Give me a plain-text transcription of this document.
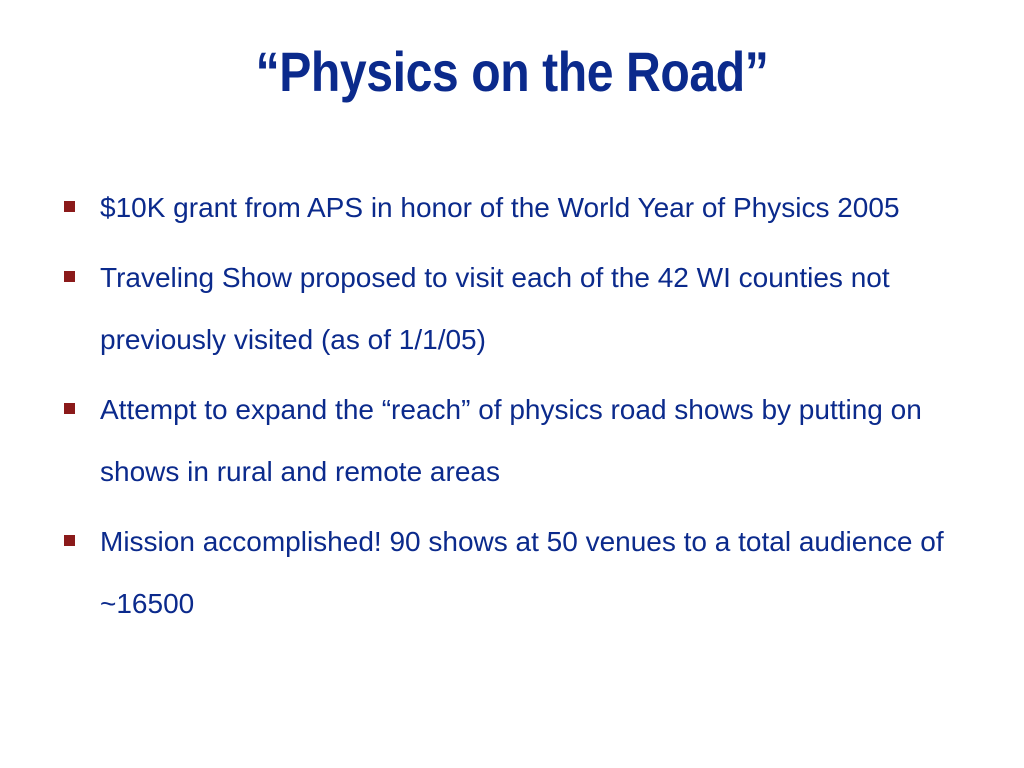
“Physics on the Road”
$10K grant from APS in honor of the World Year of Physics 2005
Traveling Show proposed to visit each of the 42 WI counties not previously visited (as of 1/1/05)
Attempt to expand the “reach” of physics road shows by putting on shows in rural and remote areas
Mission accomplished! 90 shows at 50 venues to a total audience of ~16500
